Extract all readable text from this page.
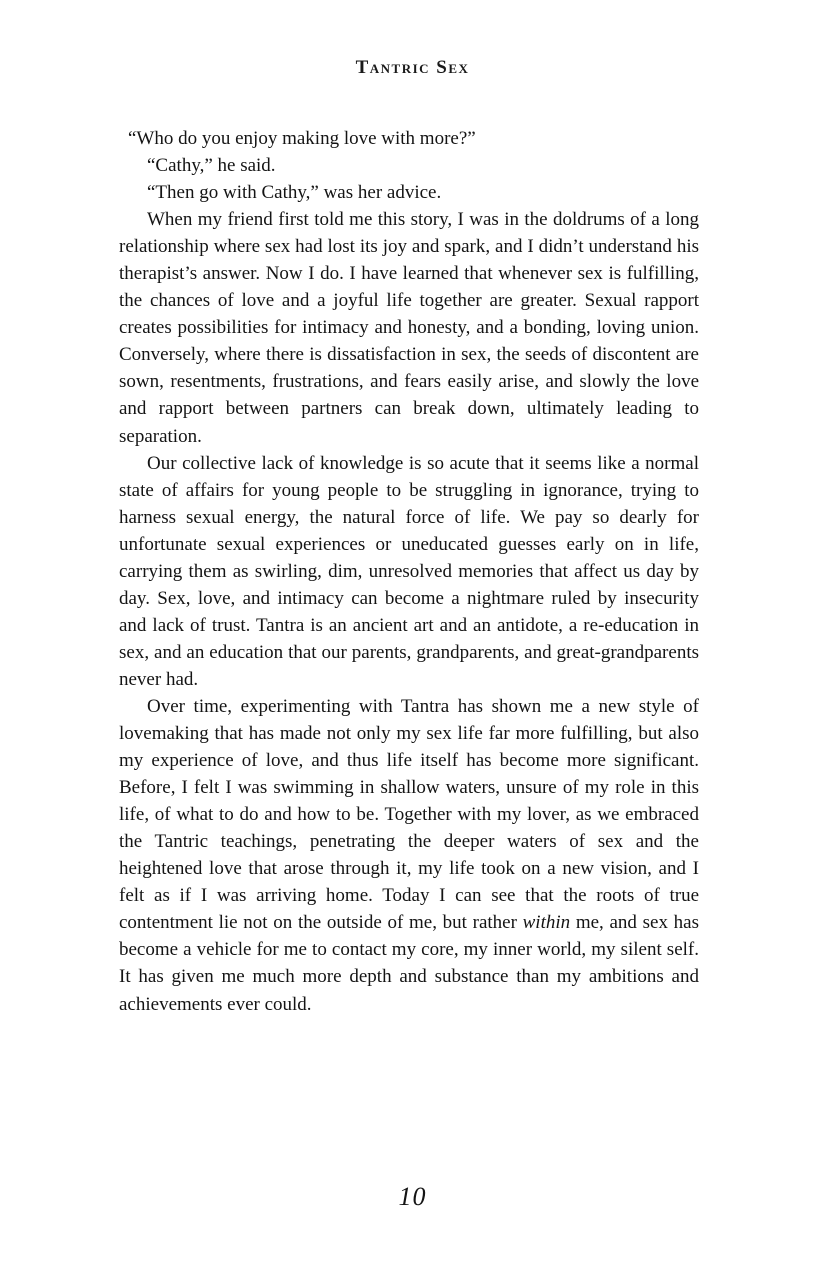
Tantric Sex

“Who do you enjoy making love with more?”

“Cathy,” he said.

“Then go with Cathy,” was her advice.

When my friend first told me this story, I was in the doldrums of a long relationship where sex had lost its joy and spark, and I didn’t understand his therapist’s answer. Now I do. I have learned that whenever sex is fulfilling, the chances of love and a joyful life together are greater. Sexual rapport creates possibilities for intimacy and honesty, and a bonding, loving union. Conversely, where there is dissatisfaction in sex, the seeds of discontent are sown, resentments, frustrations, and fears easily arise, and slowly the love and rapport between partners can break down, ultimately leading to separation.

Our collective lack of knowledge is so acute that it seems like a normal state of affairs for young people to be struggling in ignorance, trying to harness sexual energy, the natural force of life. We pay so dearly for unfortunate sexual experiences or uneducated guesses early on in life, carrying them as swirling, dim, unresolved memories that affect us day by day. Sex, love, and intimacy can become a nightmare ruled by insecurity and lack of trust. Tantra is an ancient art and an antidote, a re-education in sex, and an education that our parents, grandparents, and great-grandparents never had.

Over time, experimenting with Tantra has shown me a new style of lovemaking that has made not only my sex life far more fulfilling, but also my experience of love, and thus life itself has become more significant. Before, I felt I was swimming in shallow waters, unsure of my role in this life, of what to do and how to be. Together with my lover, as we embraced the Tantric teachings, penetrating the deeper waters of sex and the heightened love that arose through it, my life took on a new vision, and I felt as if I was arriving home. Today I can see that the roots of true contentment lie not on the outside of me, but rather within me, and sex has become a vehicle for me to contact my core, my inner world, my silent self. It has given me much more depth and substance than my ambitions and achievements ever could.

10
